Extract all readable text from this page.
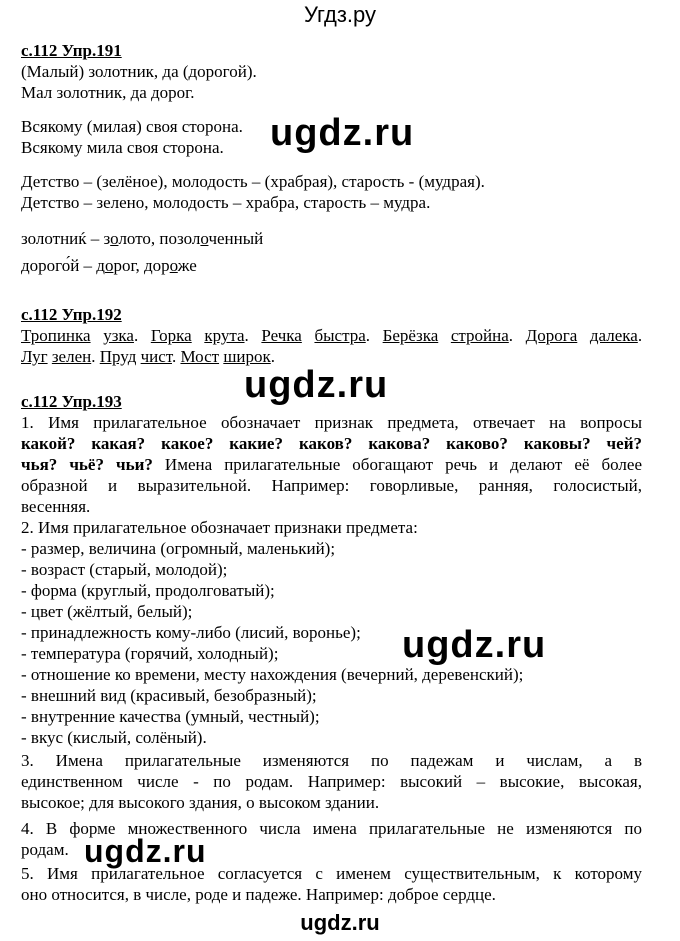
Угдз.ру
с.112 Упр.191
(Малый) золотник, да (дорогой).
Мал золотник, да дорог.
Всякому (милая) своя сторона.
Всякому мила своя сторона.
Детство – (зелёное), молодость – (храбрая), старость - (мудрая).
Детство – зелено, молодость – храбра, старость – мудра.
золотник ́ – золото, позолоченный
дорого ́й – дорог, дороже
с.112 Упр.192
Тропинка узка. Горка крута. Речка быстра. Берёзка стройна. Дорога далека.
Луг зелен. Пруд чист. Мост широк.
с.112 Упр.193
1. Имя прилагательное обозначает признак предмета, отвечает на вопросы
какой? какая? какое? какие? каков? какова? каково? каковы? чей?
чья? чьё? чьи? Имена прилагательные обогащают речь и делают её более
образной и выразительной. Например: говорливые, ранняя, голосистый,
весенняя.
2. Имя прилагательное обозначает признаки предмета:
- размер, величина (огромный, маленький);
- возраст (старый, молодой);
- форма (круглый, продолговатый);
- цвет (жёлтый, белый);
- принадлежность кому-либо (лисий, воронье);
- температура (горячий, холодный);
- отношение ко времени, месту нахождения (вечерний, деревенский);
- внешний вид (красивый, безобразный);
- внутренние качества (умный, честный);
- вкус (кислый, солёный).
3. Имена прилагательные изменяются по падежам и числам, а в
единственном числе - по родам. Например: высокий – высокие, высокая,
высокое; для высокого здания, о высоком здании.
4. В форме множественного числа имена прилагательные не изменяются по
родам.
5. Имя прилагательное согласуется с именем существительным, к которому
оно относится, в числе, роде и падеже. Например: доброе сердце.
ugdz.ru
ugdz.ru
ugdz.ru
ugdz.ru
ugdz.ru
